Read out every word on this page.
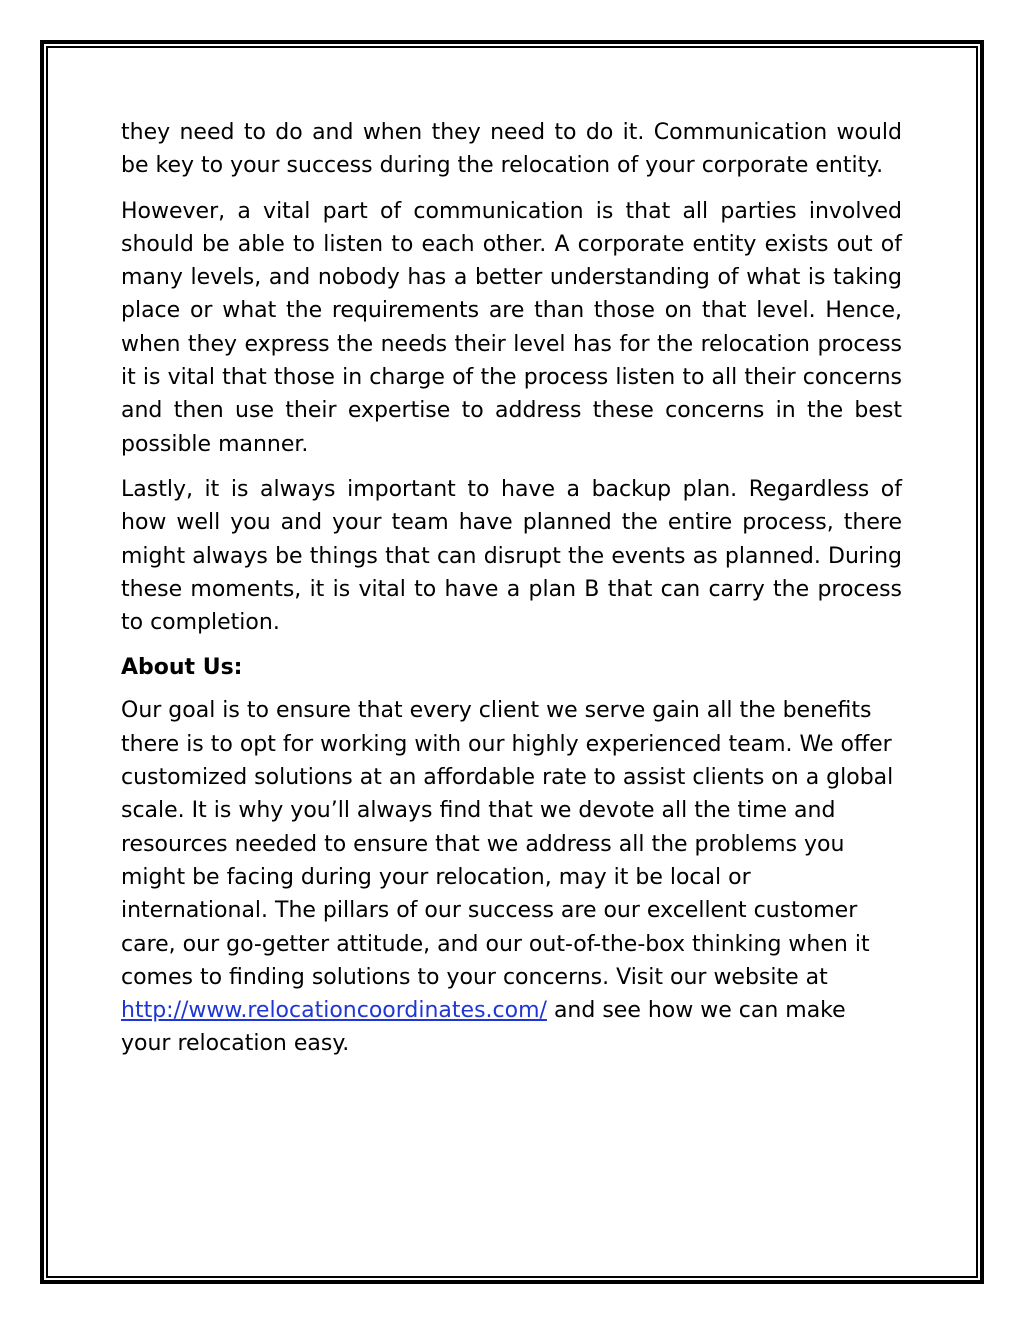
they need to do and when they need to do it. Communication would be key to your success during the relocation of your corporate entity.

However, a vital part of communication is that all parties involved should be able to listen to each other. A corporate entity exists out of many levels, and nobody has a better understanding of what is taking place or what the requirements are than those on that level. Hence, when they express the needs their level has for the relocation process it is vital that those in charge of the process listen to all their concerns and then use their expertise to address these concerns in the best possible manner.

Lastly, it is always important to have a backup plan. Regardless of how well you and your team have planned the entire process, there might always be things that can disrupt the events as planned. During these moments, it is vital to have a plan B that can carry the process to completion.

About Us:

Our goal is to ensure that every client we serve gain all the benefits there is to opt for working with our highly experienced team. We offer customized solutions at an affordable rate to assist clients on a global scale. It is why you’ll always find that we devote all the time and resources needed to ensure that we address all the problems you might be facing during your relocation, may it be local or international. The pillars of our success are our excellent customer care, our go-getter attitude, and our out-of-the-box thinking when it comes to finding solutions to your concerns. Visit our website at http://www.relocationcoordinates.com/ and see how we can make your relocation easy.
